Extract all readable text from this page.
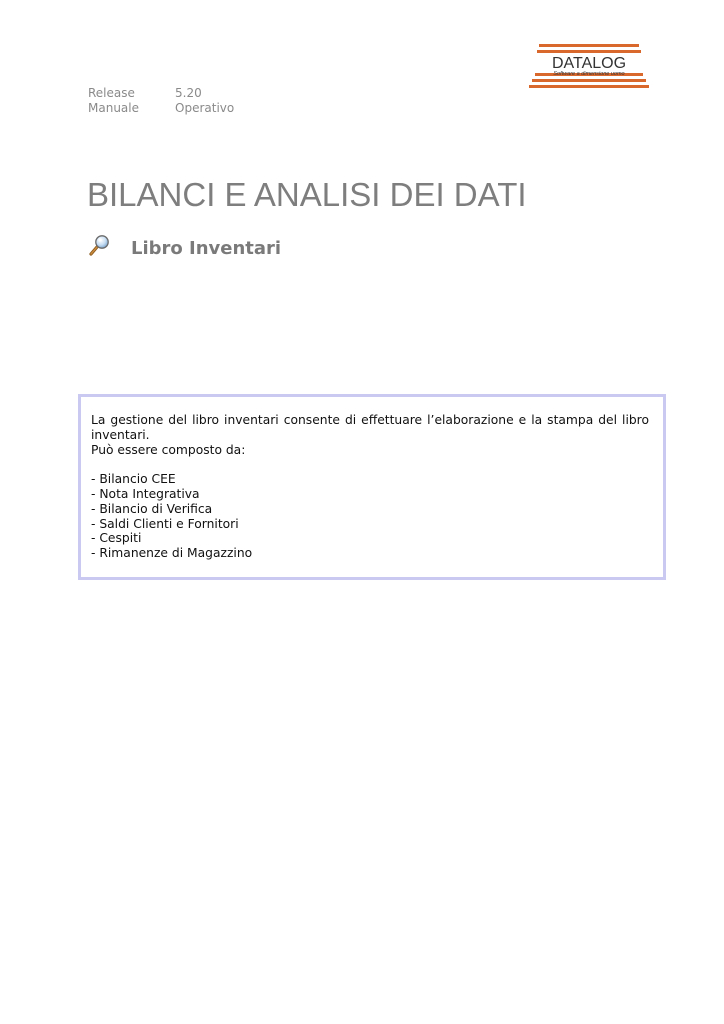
Release	5.20
Manuale	Operativo
DATALOG
Software a dimensione uomo
BILANCI E ANALISI DEI DATI
Libro Inventari

La gestione del libro inventari consente di effettuare l’elaborazione e la stampa del libro inventari.

Può essere composto da:

- Bilancio CEE
- Nota Integrativa
- Bilancio di Verifica
- Saldi Clienti e Fornitori
- Cespiti
- Rimanenze di Magazzino
